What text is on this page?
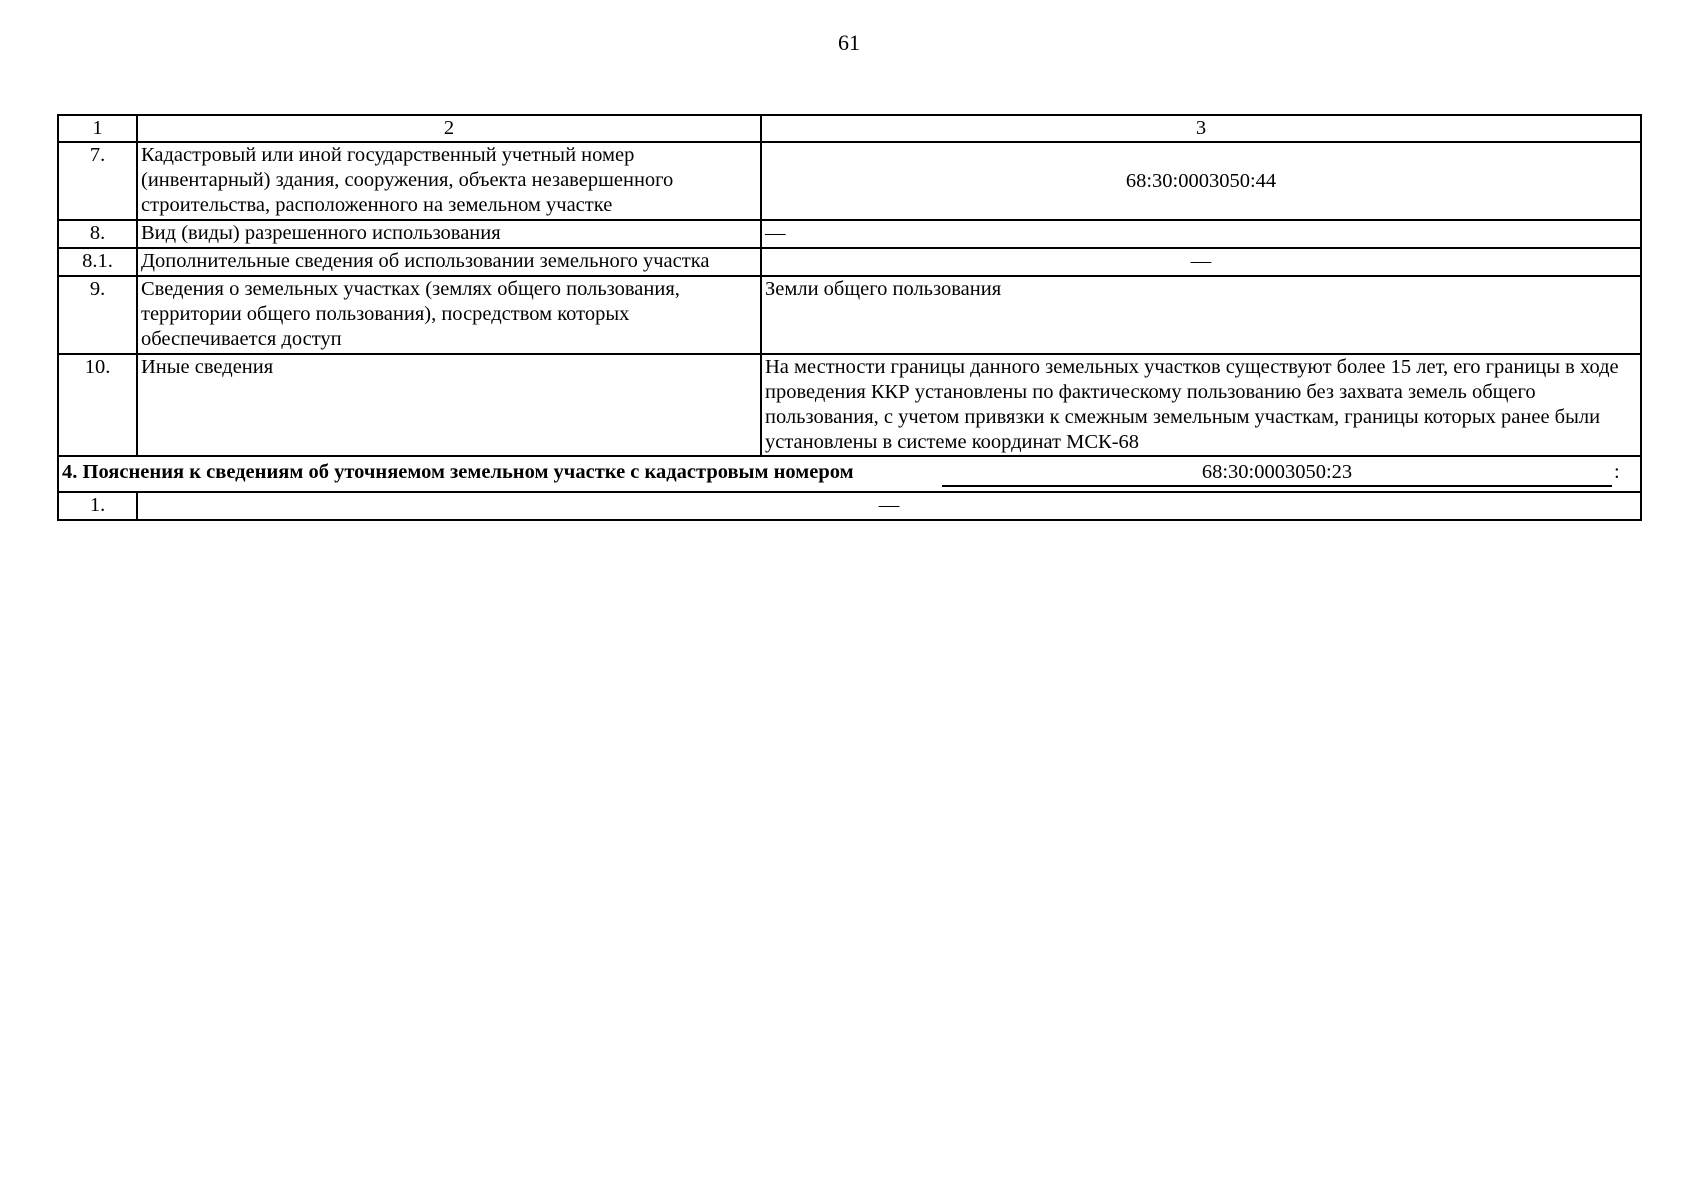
61
1	2	3
7.	Кадастровый или иной государственный учетный номер (инвентарный) здания, сооружения, объекта незавершенного строительства, расположенного на земельном участке	68:30:0003050:44
8.	Вид (виды) разрешенного использования	—
8.1.	Дополнительные сведения об использовании земельного участка	—
9.	Сведения о земельных участках (землях общего пользования, территории общего пользования), посредством которых обеспечивается доступ	Земли общего пользования
10.	Иные сведения	На местности границы данного земельных участков существуют более 15 лет, его границы в ходе проведения ККР установлены по фактическому пользованию без захвата земель общего пользования, с учетом привязки к смежным земельным участкам, границы которых ранее были установлены в системе координат МСК-68

4. Пояснения к сведениям об уточняемом земельном участке с кадастровым номером 68:30:0003050:23 :		

1.	—	
